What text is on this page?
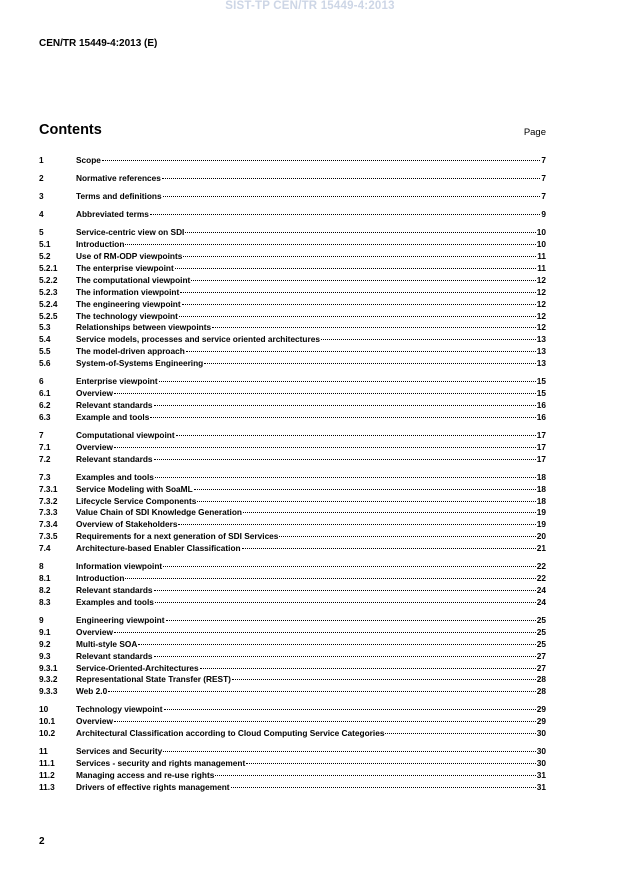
SIST-TP CEN/TR 15449-4:2013
CEN/TR 15449-4:2013 (E)
Contents	Page
1	Scope	7
2	Normative references	7
3	Terms and definitions	7
4	Abbreviated terms	9
5	Service-centric view on SDI	10
5.1	Introduction	10
5.2	Use of RM-ODP viewpoints	11
5.2.1	The enterprise viewpoint	11
5.2.2	The computational viewpoint	12
5.2.3	The information viewpoint	12
5.2.4	The engineering viewpoint	12
5.2.5	The technology viewpoint	12
5.3	Relationships between viewpoints	12
5.4	Service models, processes and service oriented architectures	13
5.5	The model-driven approach	13
5.6	System-of-Systems Engineering	13
6	Enterprise viewpoint	15
6.1	Overview	15
6.2	Relevant standards	16
6.3	Example and tools	16
7	Computational viewpoint	17
7.1	Overview	17
7.2	Relevant standards	17
7.3	Examples and tools	18
7.3.1	Service Modeling with SoaML	18
7.3.2	Lifecycle Service Components	18
7.3.3	Value Chain of SDI Knowledge Generation	19
7.3.4	Overview of Stakeholders	19
7.3.5	Requirements for a next generation of SDI Services	20
7.4	Architecture-based Enabler Classification	21
8	Information viewpoint	22
8.1	Introduction	22
8.2	Relevant standards	24
8.3	Examples and tools	24
9	Engineering viewpoint	25
9.1	Overview	25
9.2	Multi-style SOA	25
9.3	Relevant standards	27
9.3.1	Service-Oriented-Architectures	27
9.3.2	Representational State Transfer (REST)	28
9.3.3	Web 2.0	28
10	Technology viewpoint	29
10.1	Overview	29
10.2	Architectural Classification according to Cloud Computing Service Categories	30
11	Services and Security	30
11.1	Services - security and rights management	30
11.2	Managing access and re-use rights	31
11.3	Drivers of effective rights management	31
2
